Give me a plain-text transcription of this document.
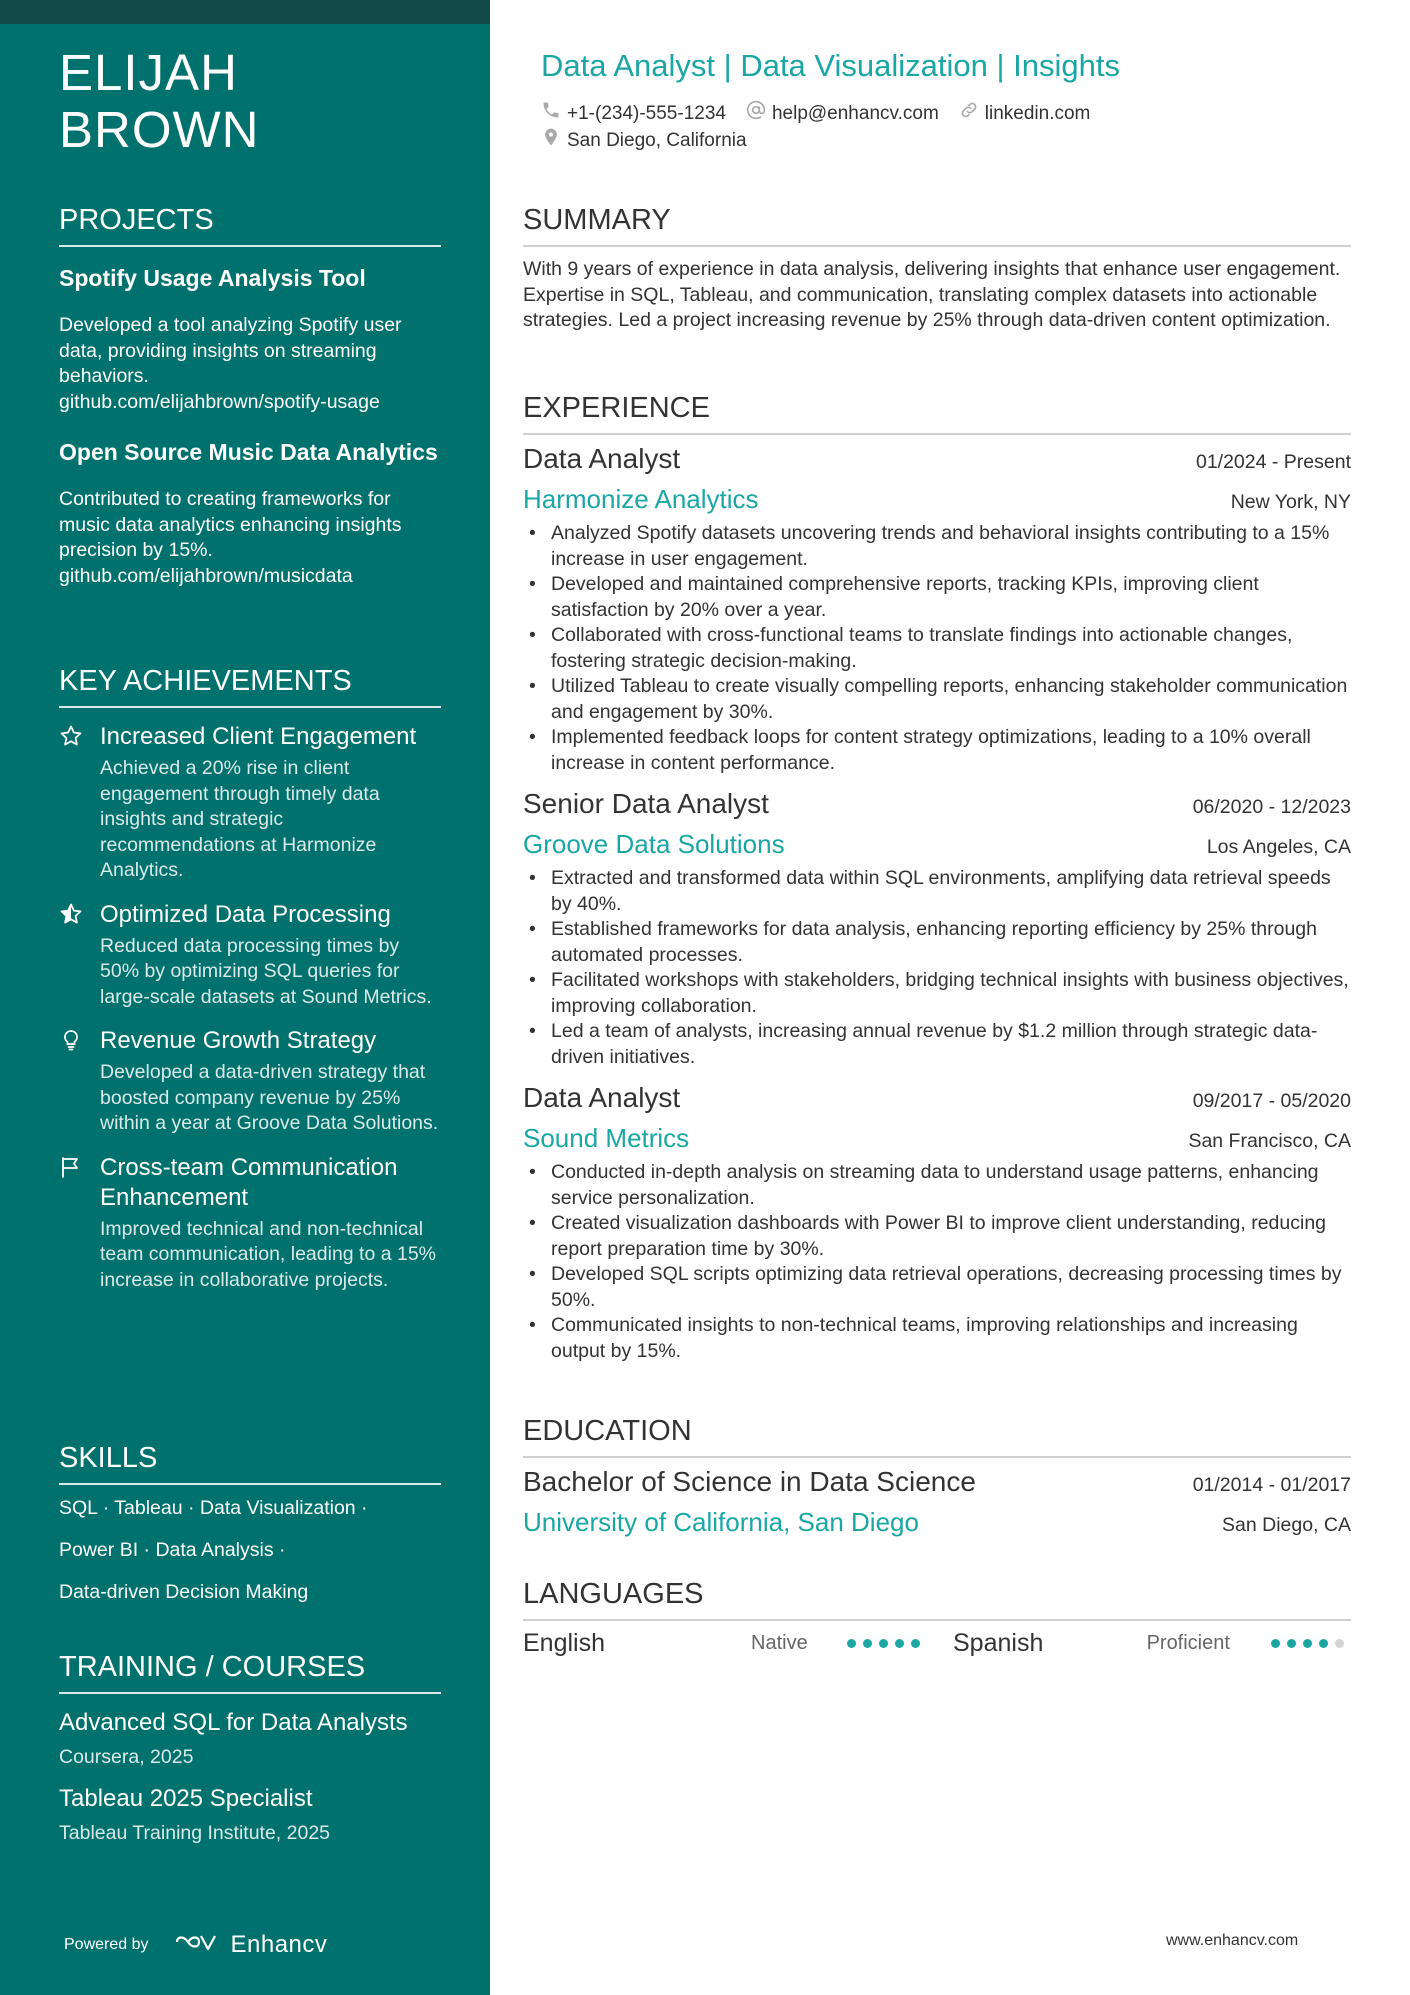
ELIJAH
BROWN
PROJECTS

Spotify Usage Analysis Tool

Developed a tool analyzing Spotify user data, providing insights on streaming behaviors.

github.com/elijahbrown/spotify-usage

Open Source Music Data Analytics

Contributed to creating frameworks for music data analytics enhancing insights precision by 15%.

github.com/elijahbrown/musicdata

KEY ACHIEVEMENTS

Increased Client Engagement

Achieved a 20% rise in client engagement through timely data insights and strategic recommendations at Harmonize Analytics.

Optimized Data Processing

Reduced data processing times by 50% by optimizing SQL queries for large-scale datasets at Sound Metrics.

Revenue Growth Strategy

Developed a data-driven strategy that boosted company revenue by 25% within a year at Groove Data Solutions.

Cross-team Communication Enhancement

Improved technical and non-technical team communication, leading to a 15% increase in collaborative projects.

SKILLS

SQL · Tableau · Data Visualization ·

Power BI · Data Analysis ·

Data-driven Decision Making

TRAINING / COURSES

Advanced SQL for Data Analysts

Coursera, 2025

Tableau 2025 Specialist

Tableau Training Institute, 2025

Powered by	Enhancv
Data Analyst | Data Visualization | Insights
+1-(234)-555-1234 help@enhancv.com linkedin.com
San Diego, California
SUMMARY

With 9 years of experience in data analysis, delivering insights that enhance user engagement. Expertise in SQL, Tableau, and communication, translating complex datasets into actionable strategies. Led a project increasing revenue by 25% through data-driven content optimization.

EXPERIENCE
Data Analyst	01/2024 - Present
Harmonize Analytics	New York, NY
• Analyzed Spotify datasets uncovering trends and behavioral insights contributing to a 15% increase in user engagement.
• Developed and maintained comprehensive reports, tracking KPIs, improving client satisfaction by 20% over a year.
• Collaborated with cross-functional teams to translate findings into actionable changes, fostering strategic decision-making.
• Utilized Tableau to create visually compelling reports, enhancing stakeholder communication and engagement by 30%.
• Implemented feedback loops for content strategy optimizations, leading to a 10% overall increase in content performance.
Senior Data Analyst	06/2020 - 12/2023
Groove Data Solutions	Los Angeles, CA
• Extracted and transformed data within SQL environments, amplifying data retrieval speeds by 40%.
• Established frameworks for data analysis, enhancing reporting efficiency by 25% through automated processes.
• Facilitated workshops with stakeholders, bridging technical insights with business objectives, improving collaboration.
• Led a team of analysts, increasing annual revenue by $1.2 million through strategic data-driven initiatives.
Data Analyst	09/2017 - 05/2020
Sound Metrics	San Francisco, CA
• Conducted in-depth analysis on streaming data to understand usage patterns, enhancing service personalization.
• Created visualization dashboards with Power BI to improve client understanding, reducing report preparation time by 30%.
• Developed SQL scripts optimizing data retrieval operations, decreasing processing times by 50%.
• Communicated insights to non-technical teams, improving relationships and increasing output by 15%.
EDUCATION
Bachelor of Science in Data Science	01/2014 - 01/2017
University of California, San Diego	San Diego, CA
LANGUAGES
English	Native	Spanish	Proficient
www.enhancv.com
